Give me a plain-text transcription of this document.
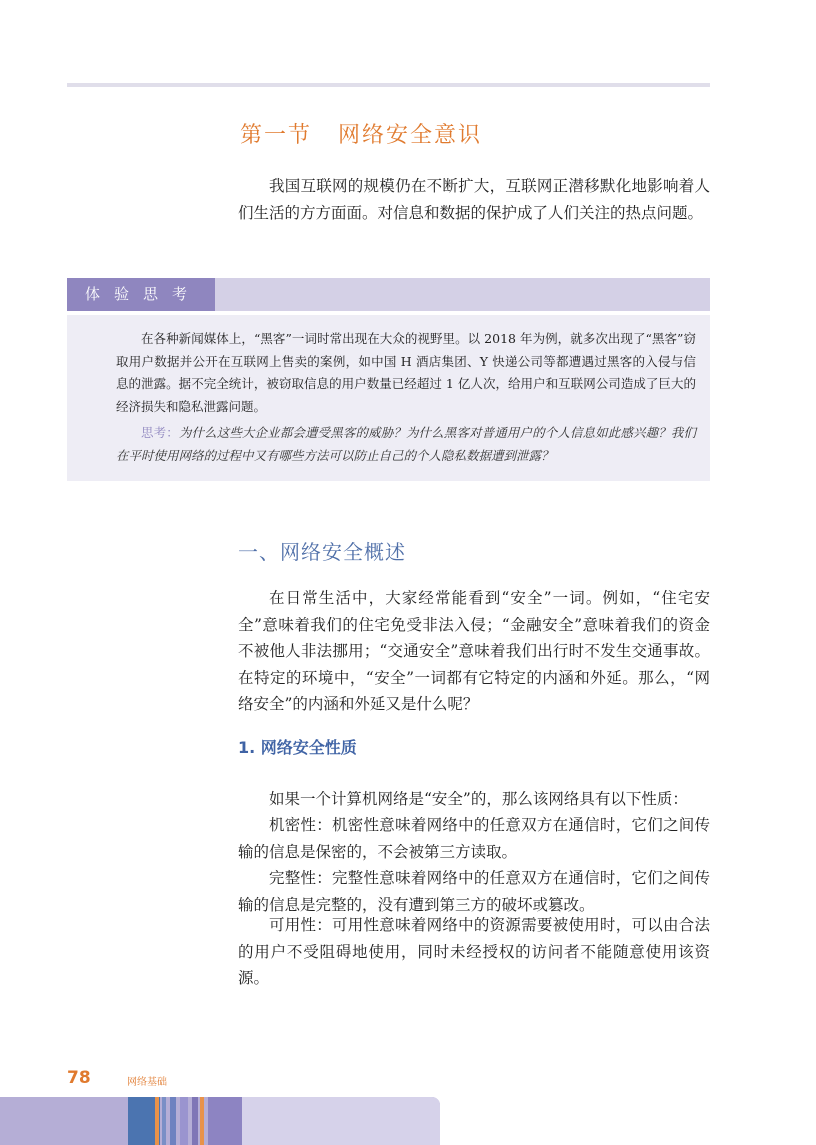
第一节 网络安全意识

我国互联网的规模仍在不断扩大，互联网正潜移默化地影响着人们生活的方方面面。对信息和数据的保护成了人们关注的热点问题。

体验思考

在各种新闻媒体上，“黑客”一词时常出现在大众的视野里。以 2018 年为例，就多次出现了“黑客”窃取用户数据并公开在互联网上售卖的案例，如中国 H 酒店集团、Y 快递公司等都遭遇过黑客的入侵与信息的泄露。据不完全统计，被窃取信息的用户数量已经超过 1 亿人次，给用户和互联网公司造成了巨大的经济损失和隐私泄露问题。

思考：为什么这些大企业都会遭受黑客的威胁？为什么黑客对普通用户的个人信息如此感兴趣？我们在平时使用网络的过程中又有哪些方法可以防止自己的个人隐私数据遭到泄露？

一、网络安全概述

在日常生活中，大家经常能看到“安全”一词。例如，“住宅安全”意味着我们的住宅免受非法入侵；“金融安全”意味着我们的资金不被他人非法挪用；“交通安全”意味着我们出行时不发生交通事故。在特定的环境中，“安全”一词都有它特定的内涵和外延。那么，“网络安全”的内涵和外延又是什么呢？

1. 网络安全性质

如果一个计算机网络是“安全”的，那么该网络具有以下性质：

机密性：机密性意味着网络中的任意双方在通信时，它们之间传输的信息是保密的，不会被第三方读取。

完整性：完整性意味着网络中的任意双方在通信时，它们之间传输的信息是完整的，没有遭到第三方的破坏或篡改。

可用性：可用性意味着网络中的资源需要被使用时，可以由合法的用户不受阻碍地使用，同时未经授权的访问者不能随意使用该资源。

78	网络基础
